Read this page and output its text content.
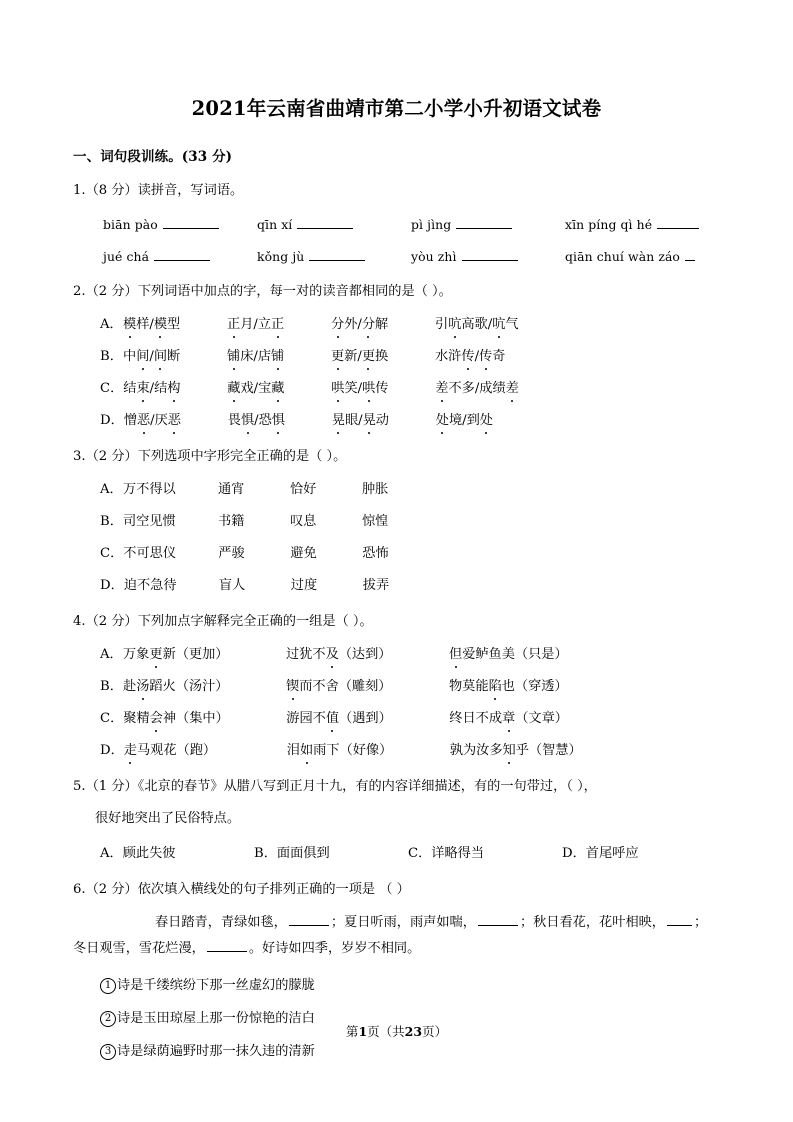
2021年云南省曲靖市第二小学小升初语文试卷
一、词句段训练。(33 分)
1.（8 分）读拼音，写词语。
biān pào	qīn xí	pì jìng	xīn píng qì hé
jué chá	kǒng jù	yòu zhì	qiān chuí wàn záo
2.（2 分）下列词语中加点的字，每一对的读音都相同的是（ ）。
A．模样/模型	正月/立正	分外/分解	引吭高歌/吭气
B．中间/间断	铺床/店铺	更新/更换	水浒传/传奇
C．结束/结构	藏戏/宝藏	哄笑/哄传	差不多/成绩差
D．憎恶/厌恶	畏惧/恐惧	晃眼/晃动	处境/到处
3.（2 分）下列选项中字形完全正确的是（ ）。
A．万不得以	通宵	恰好	肿胀
B．司空见惯	书籍	叹息	惊惶
C．不可思仪	严骏	避免	恐怖
D．迫不急待	盲人	过度	拔弄
4.（2 分）下列加点字解释完全正确的一组是（ ）。
A．万象更新（更加）	过犹不及（达到）	但爱鲈鱼美（只是）
B．赴汤蹈火（汤汁）	锲而不舍（雕刻）	物莫能陷也（穿透）
C．聚精会神（集中）	游园不值（遇到）	终日不成章（文章）
D．走马观花（跑）	泪如雨下（好像）	孰为汝多知乎（智慧）
5.（1 分）《北京的春节》从腊八写到正月十九，有的内容详细描述，有的一句带过，（ ），
很好地突出了民俗特点。
A．顾此失彼	B．面面俱到	C．详略得当	D．首尾呼应
6.（2 分）依次填入横线处的句子排列正确的一项是 （ ）
春日踏青，青绿如毯，	；夏日听雨，雨声如喘，	；秋日看花，花叶相映， ；冬日观雪，雪花烂漫，	。好诗如四季，岁岁不相同。
1 诗是千缕缤纷下那一丝虚幻的朦胧
2 诗是玉田琼屋上那一份惊艳的洁白
3 诗是绿荫遍野时那一抹久违的清新
第1页（共23页）
